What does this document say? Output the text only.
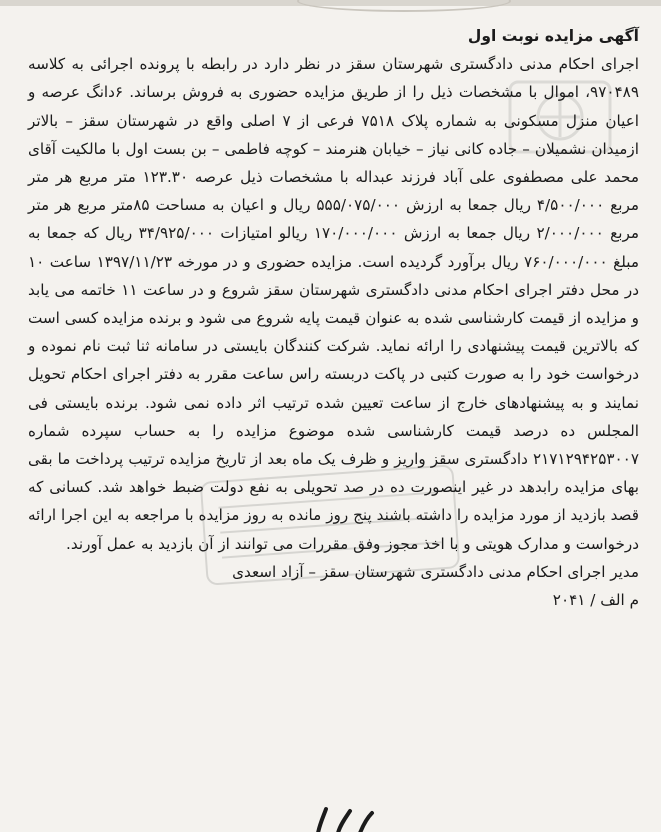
آگهی مزایده نوبت اول
اجرای احکام مدنی دادگستری شهرستان سقز در نظر دارد در رابطه با پرونده اجرائی به کلاسه ۹۷۰۴۸۹، اموال با مشخصات ذیل را از طریق مزایده حضوری به فروش برساند. ۶دانگ عرصه و اعیان منزل مسکونی به شماره پلاک ۷۵۱۸ فرعی از ۷ اصلی واقع در شهرستان سقز – بالاتر ازمیدان نشمیلان – جاده کانی نیاز – خیابان هنرمند – کوچه فاطمی – بن بست اول با مالکیت آقای محمد علی مصطفوی علی آباد فرزند عبداله با مشخصات ذیل عرصه ۱۲۳.۳۰ متر مربع هر متر مربع ۴/۵۰۰/۰۰۰ ریال جمعا به ارزش ۵۵۵/۰۷۵/۰۰۰ ریال و اعیان به مساحت ۸۵متر مربع هر متر مربع ۲/۰۰۰/۰۰۰ ریال جمعا به ارزش ۱۷۰/۰۰۰/۰۰۰ ریالو امتیازات ۳۴/۹۲۵/۰۰۰ ریال که جمعا به مبلغ ۷۶۰/۰۰۰/۰۰۰ ریال برآورد گردیده است. مزایده حضوری و در مورخه ۱۳۹۷/۱۱/۲۳ ساعت ۱۰ در محل دفتر اجرای احکام مدنی دادگستری شهرستان سقز شروع و در ساعت ۱۱ خاتمه می یابد و مزایده از قیمت کارشناسی شده به عنوان قیمت پایه شروع می شود و برنده مزایده کسی است که بالاترین قیمت پیشنهادی را ارائه نماید. شرکت کنندگان بایستی در سامانه ثنا ثبت نام نموده و درخواست خود را به صورت کتبی در پاکت دربسته راس ساعت مقرر به دفتر اجرای احکام تحویل نمایند و به پیشنهادهای خارج از ساعت تعیین شده ترتیب اثر داده نمی شود. برنده بایستی فی المجلس ده درصد قیمت کارشناسی شده موضوع مزایده را به حساب سپرده شماره ۲۱۷۱۲۹۴۲۵۳۰۰۷ دادگستری سقز واریز و ظرف یک ماه بعد از تاریخ مزایده ترتیب پرداخت ما بقی بهای مزایده رابدهد در غیر اینصورت ده در صد تحویلی به نفع دولت ضبط خواهد شد. کسانی که قصد بازدید از مورد مزایده را داشته باشند پنج روز مانده به روز مزایده با مراجعه به این اجرا ارائه درخواست و مدارک هویتی و با اخذ مجوز وفق مقررات می توانند از آن بازدید به عمل آورند.
مدیر اجرای احکام مدنی دادگستری شهرستان سقز – آزاد اسعدی
م الف / ۲۰۴۱
